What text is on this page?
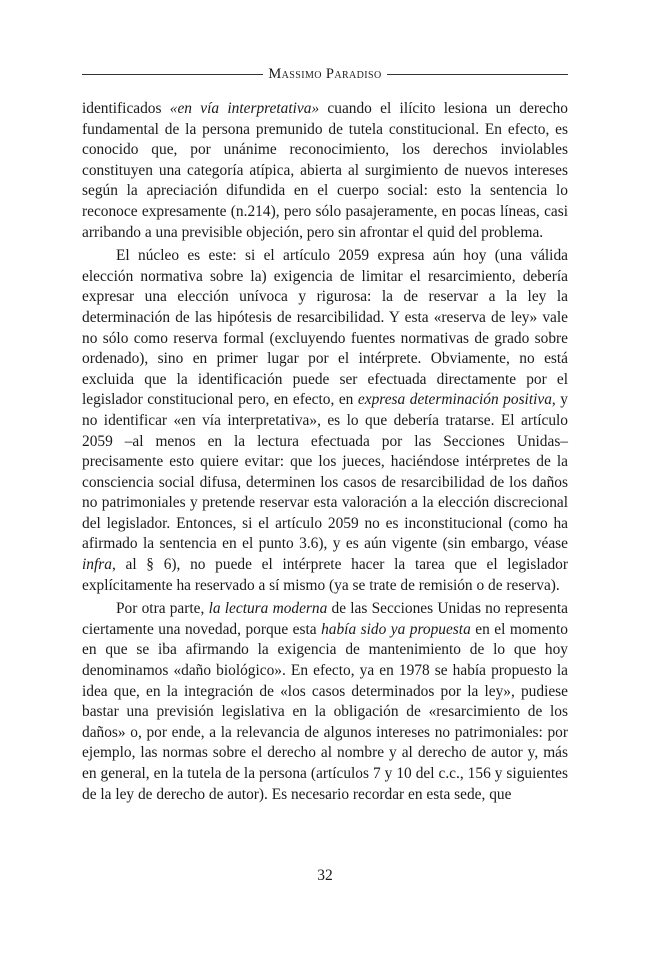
Massimo Paradiso

identificados «en vía interpretativa» cuando el ilícito lesiona un derecho fundamental de la persona premunido de tutela constitucional. En efecto, es conocido que, por unánime reconocimiento, los derechos inviolables constituyen una categoría atípica, abierta al surgimiento de nuevos intereses según la apreciación difundida en el cuerpo social: esto la sentencia lo reconoce expresamente (n.214), pero sólo pasajeramente, en pocas líneas, casi arribando a una previsible objeción, pero sin afrontar el quid del problema.

El núcleo es este: si el artículo 2059 expresa aún hoy (una válida elección normativa sobre la) exigencia de limitar el resarcimiento, debería expresar una elección unívoca y rigurosa: la de reservar a la ley la determinación de las hipótesis de resarcibilidad. Y esta «reserva de ley» vale no sólo como reserva formal (excluyendo fuentes normativas de grado sobre ordenado), sino en primer lugar por el intérprete. Obviamente, no está excluida que la identificación puede ser efectuada directamente por el legislador constitucional pero, en efecto, en expresa determinación positiva, y no identificar «en vía interpretativa», es lo que debería tratarse. El artículo 2059 –al menos en la lectura efectuada por las Secciones Unidas– precisamente esto quiere evitar: que los jueces, haciéndose intérpretes de la consciencia social difusa, determinen los casos de resarcibilidad de los daños no patrimoniales y pretende reservar esta valoración a la elección discrecional del legislador. Entonces, si el artículo 2059 no es inconstitucional (como ha afirmado la sentencia en el punto 3.6), y es aún vigente (sin embargo, véase infra, al § 6), no puede el intérprete hacer la tarea que el legislador explícitamente ha reservado a sí mismo (ya se trate de remisión o de reserva).

Por otra parte, la lectura moderna de las Secciones Unidas no representa ciertamente una novedad, porque esta había sido ya propuesta en el momento en que se iba afirmando la exigencia de mantenimiento de lo que hoy denominamos «daño biológico». En efecto, ya en 1978 se había propuesto la idea que, en la integración de «los casos determinados por la ley», pudiese bastar una previsión legislativa en la obligación de «resarcimiento de los daños» o, por ende, a la relevancia de algunos intereses no patrimoniales: por ejemplo, las normas sobre el derecho al nombre y al derecho de autor y, más en general, en la tutela de la persona (artículos 7 y 10 del c.c., 156 y siguientes de la ley de derecho de autor). Es necesario recordar en esta sede, que

32
